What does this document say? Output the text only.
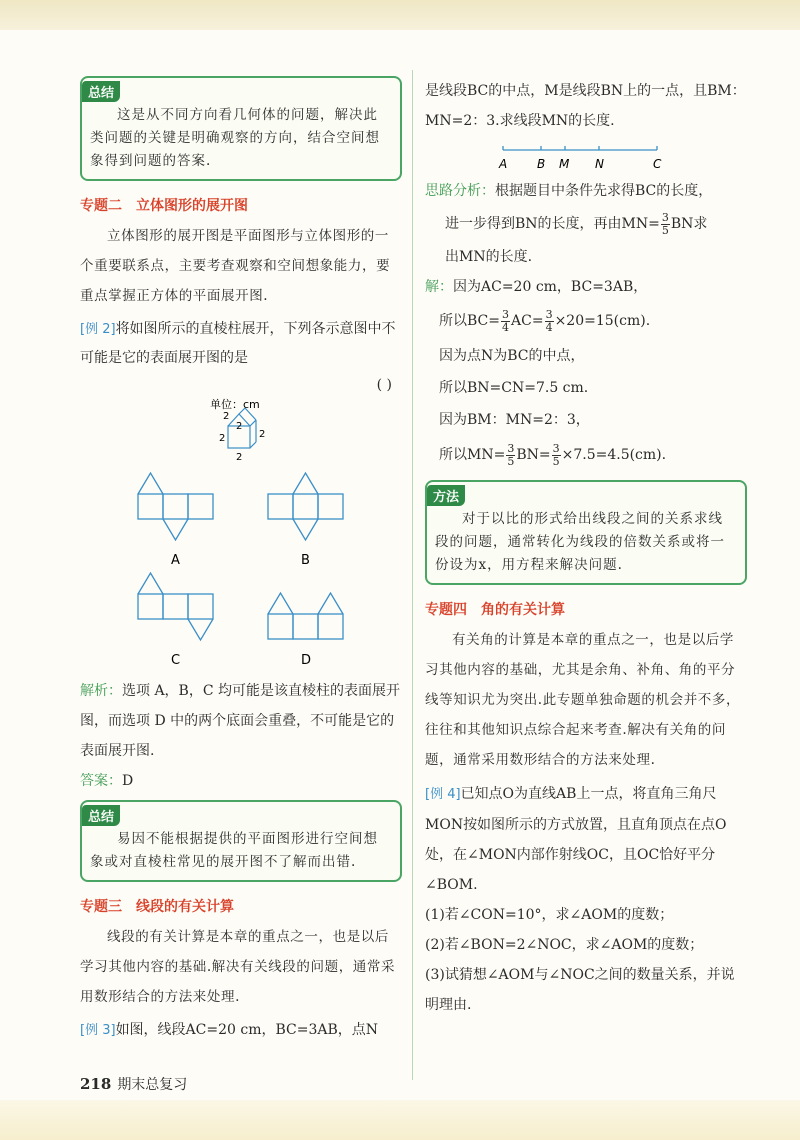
总结

这是从不同方向看几何体的问题，解决此类问题的关键是明确观察的方向，结合空间想象得到问题的答案.

专题二 立体图形的展开图

立体图形的展开图是平面图形与立体图形的一个重要联系点，主要考查观察和空间想象能力，要重点掌握正方体的平面展开图.

[例 2]将如图所示的直棱柱展开，下列各示意图中不可能是它的表面展开图的是

( )
单位：cm
2
2
2	2
2
A	B
C	D

解析：选项 A，B，C 均可能是该直棱柱的表面展开图，而选项 D 中的两个底面会重叠，不可能是它的表面展开图.

答案：D

总结

易因不能根据提供的平面图形进行空间想象或对直棱柱常见的展开图不了解而出错.

专题三 线段的有关计算

线段的有关计算是本章的重点之一，也是以后学习其他内容的基础.解决有关线段的问题，通常采用数形结合的方法来处理.

[例 3]如图，线段AC=20 cm，BC=3AB，点N

是线段BC的中点，M是线段BN上的一点，且BM：MN=2：3.求线段MN的长度.

A B M N	C

思路分析：根据题目中条件先求得BC的长度，

进一步得到BN的长度，再由$MN= \frac{3}{5}$ BN求

出MN的长度.

解：因为AC=20 cm，BC=3AB，

所以$BC= \frac{3}{4} AC= \frac{3}{4} \times 20=15(cm)$.

因为点N为BC的中点，

所以BN=CN=7.5 cm.

因为BM：MN=2：3，

所以$MN= \frac{3}{5} BN= \frac{3}{5} \times 7.5=4.5(cm)$.

方法

对于以比的形式给出线段之间的关系求线段的问题，通常转化为线段的倍数关系或将一份设为x，用方程来解决问题.

专题四 角的有关计算

有关角的计算是本章的重点之一，也是以后学习其他内容的基础，尤其是余角、补角、角的平分线等知识尤为突出.此专题单独命题的机会并不多，往往和其他知识点综合起来考查.解决有关角的问题，通常采用数形结合的方法来处理.

[例 4]已知点O为直线AB上一点，将直角三角尺MON按如图所示的方式放置，且直角顶点在点O处，在∠MON内部作射线OC，且OC恰好平分∠BOM.

(1)若∠CON=10°，求∠AOM的度数；

(2)若∠BON=2∠NOC，求∠AOM的度数；

(3)试猜想∠AOM与∠NOC之间的数量关系，并说明理由.

218 期末总复习
